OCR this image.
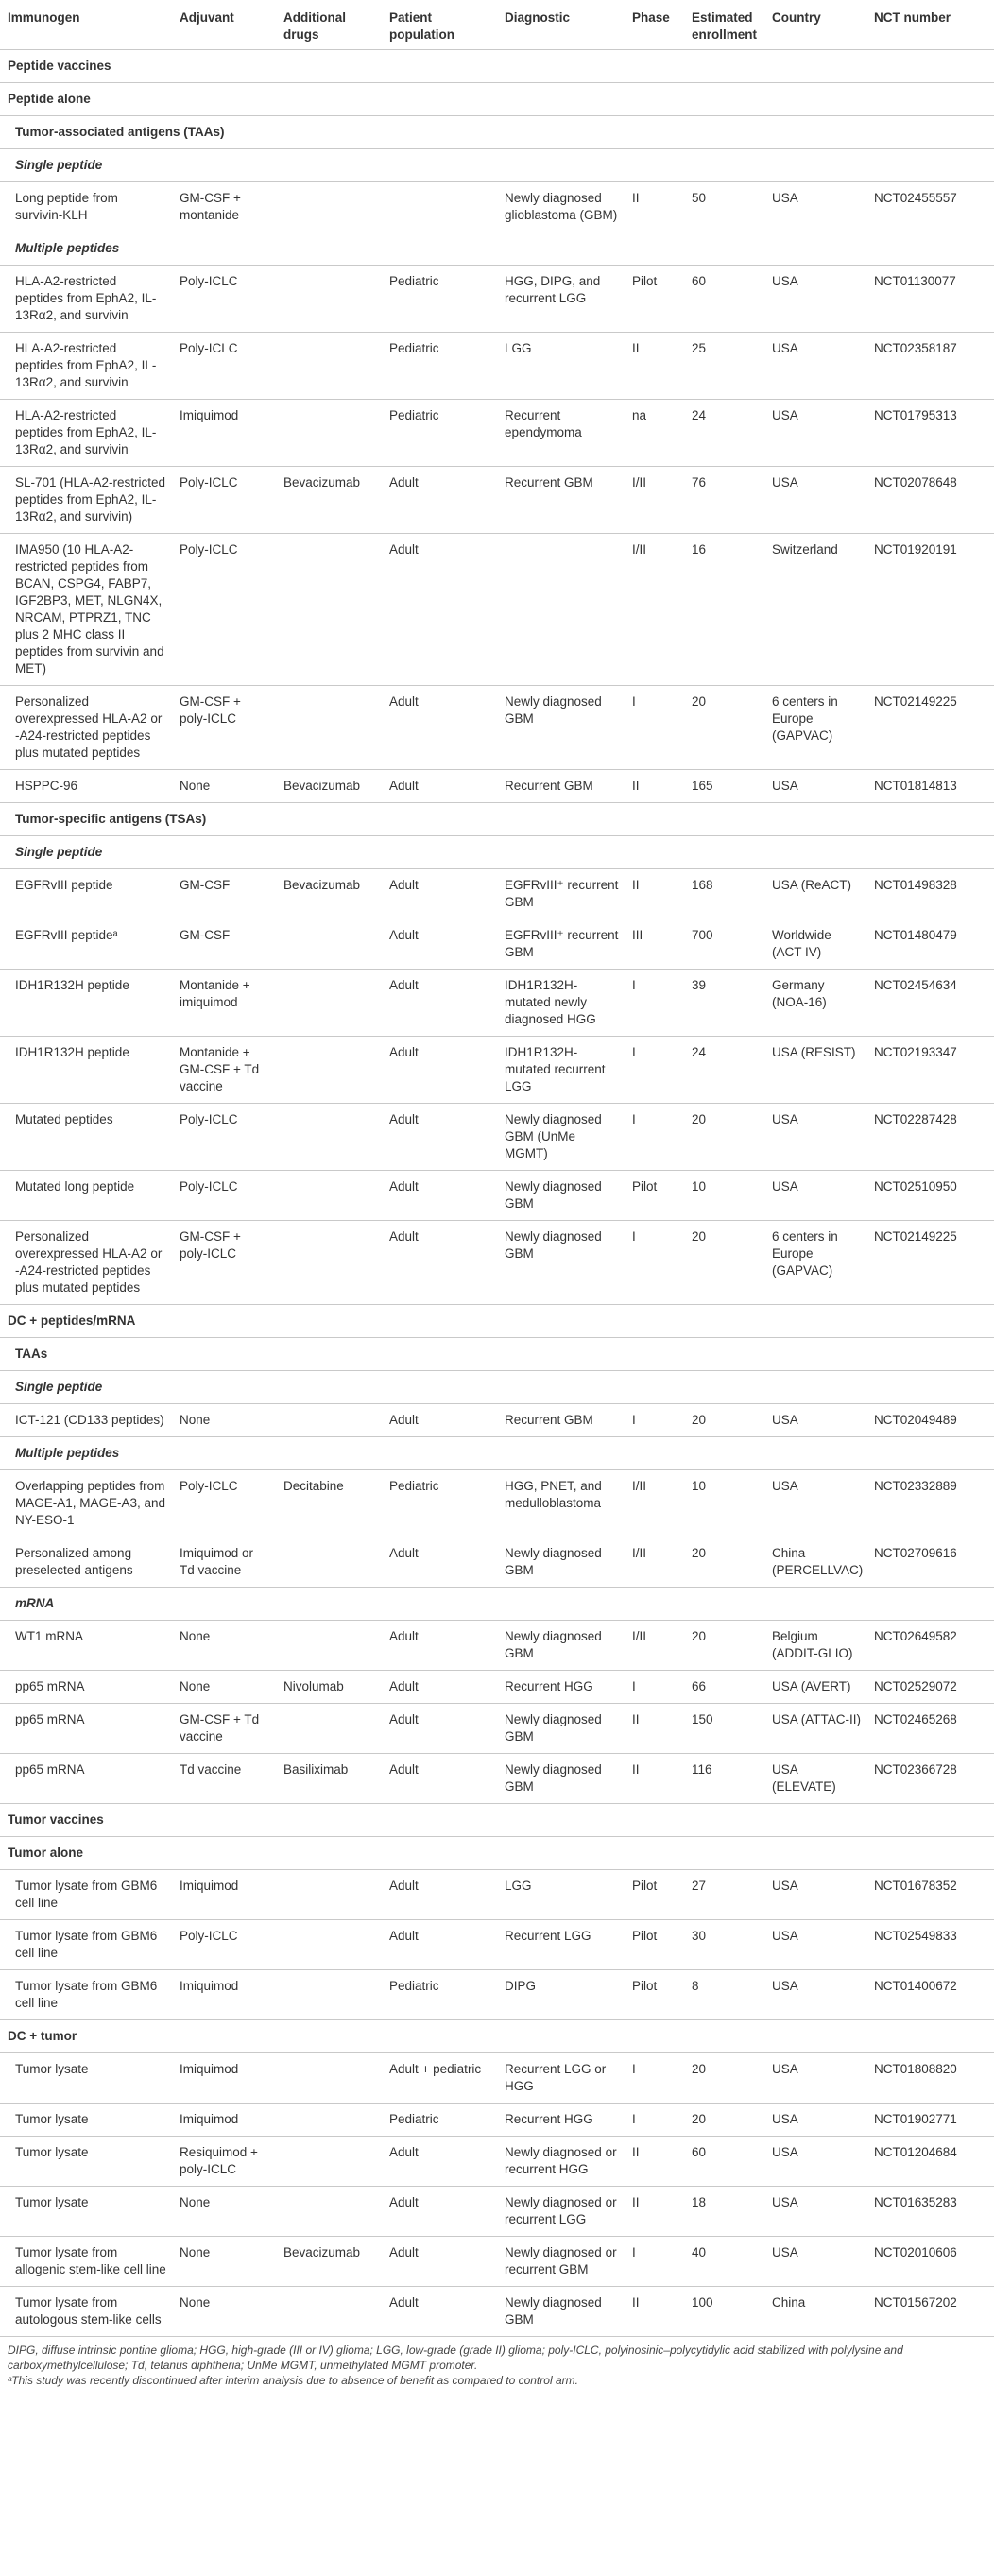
Immunogen	Adjuvant	Additional drugs	Patient population	Diagnostic	Phase	Estimated enrollment	Country	NCT number
Peptide vaccines								
Peptide alone								
Tumor-associated antigens (TAAs)								
Single peptide								
Long peptide from survivin-KLH	GM-CSF + montanide			Newly diagnosed glioblastoma (GBM)	II	50	USA	NCT02455557
Multiple peptides								
HLA-A2-restricted peptides from EphA2, IL-13Rα2, and survivin	Poly-ICLC		Pediatric	HGG, DIPG, and recurrent LGG	Pilot	60	USA	NCT01130077
HLA-A2-restricted peptides from EphA2, IL-13Rα2, and survivin	Poly-ICLC		Pediatric	LGG	II	25	USA	NCT02358187
HLA-A2-restricted peptides from EphA2, IL-13Rα2, and survivin	Imiquimod		Pediatric	Recurrent ependymoma	na	24	USA	NCT01795313
SL-701 (HLA-A2-restricted peptides from EphA2, IL-13Rα2, and survivin)	Poly-ICLC	Bevacizumab	Adult	Recurrent GBM	I/II	76	USA	NCT02078648
IMA950 (10 HLA-A2-restricted peptides from BCAN, CSPG4, FABP7, IGF2BP3, MET, NLGN4X, NRCAM, PTPRZ1, TNC plus 2 MHC class II peptides from survivin and MET)	Poly-ICLC		Adult		I/II	16	Switzerland	NCT01920191
Personalized overexpressed HLA-A2 or -A24-restricted peptides plus mutated peptides	GM-CSF + poly-ICLC		Adult	Newly diagnosed GBM	I	20	6 centers in Europe (GAPVAC)	NCT02149225
HSPPC-96	None	Bevacizumab	Adult	Recurrent GBM	II	165	USA	NCT01814813
Tumor-specific antigens (TSAs)								
Single peptide								
EGFRvIII peptide	GM-CSF	Bevacizumab	Adult	EGFRvIII⁺ recurrent GBM	II	168	USA (ReACT)	NCT01498328
EGFRvIII peptideᵃ	GM-CSF		Adult	EGFRvIII⁺ recurrent GBM	III	700	Worldwide (ACT IV)	NCT01480479
IDH1R132H peptide	Montanide + imiquimod		Adult	IDH1R132H-mutated newly diagnosed HGG	I	39	Germany (NOA-16)	NCT02454634
IDH1R132H peptide	Montanide + GM-CSF + Td vaccine		Adult	IDH1R132H-mutated recurrent LGG	I	24	USA (RESIST)	NCT02193347
Mutated peptides	Poly-ICLC		Adult	Newly diagnosed GBM (UnMe MGMT)	I	20	USA	NCT02287428
Mutated long peptide	Poly-ICLC		Adult	Newly diagnosed GBM	Pilot	10	USA	NCT02510950
Personalized overexpressed HLA-A2 or -A24-restricted peptides plus mutated peptides	GM-CSF + poly-ICLC		Adult	Newly diagnosed GBM	I	20	6 centers in Europe (GAPVAC)	NCT02149225
DC + peptides/mRNA								
TAAs								
Single peptide								
ICT-121 (CD133 peptides)	None		Adult	Recurrent GBM	I	20	USA	NCT02049489
Multiple peptides								
Overlapping peptides from MAGE-A1, MAGE-A3, and NY-ESO-1	Poly-ICLC	Decitabine	Pediatric	HGG, PNET, and medulloblastoma	I/II	10	USA	NCT02332889
Personalized among preselected antigens	Imiquimod or Td vaccine		Adult	Newly diagnosed GBM	I/II	20	China (PERCELLVAC)	NCT02709616
mRNA								
WT1 mRNA	None		Adult	Newly diagnosed GBM	I/II	20	Belgium (ADDIT-GLIO)	NCT02649582
pp65 mRNA	None	Nivolumab	Adult	Recurrent HGG	I	66	USA (AVERT)	NCT02529072
pp65 mRNA	GM-CSF + Td vaccine		Adult	Newly diagnosed GBM	II	150	USA (ATTAC-II)	NCT02465268
pp65 mRNA	Td vaccine	Basiliximab	Adult	Newly diagnosed GBM	II	116	USA (ELEVATE)	NCT02366728
Tumor vaccines								
Tumor alone								
Tumor lysate from GBM6 cell line	Imiquimod		Adult	LGG	Pilot	27	USA	NCT01678352
Tumor lysate from GBM6 cell line	Poly-ICLC		Adult	Recurrent LGG	Pilot	30	USA	NCT02549833
Tumor lysate from GBM6 cell line	Imiquimod		Pediatric	DIPG	Pilot	8	USA	NCT01400672
DC + tumor								
Tumor lysate	Imiquimod		Adult + pediatric	Recurrent LGG or HGG	I	20	USA	NCT01808820
Tumor lysate	Imiquimod		Pediatric	Recurrent HGG	I	20	USA	NCT01902771
Tumor lysate	Resiquimod + poly-ICLC		Adult	Newly diagnosed or recurrent HGG	II	60	USA	NCT01204684
Tumor lysate	None		Adult	Newly diagnosed or recurrent LGG	II	18	USA	NCT01635283
Tumor lysate from allogenic stem-like cell line	None	Bevacizumab	Adult	Newly diagnosed or recurrent GBM	I	40	USA	NCT02010606
Tumor lysate from autologous stem-like cells	None		Adult	Newly diagnosed GBM	II	100	China	NCT01567202

DIPG, diffuse intrinsic pontine glioma; HGG, high-grade (III or IV) glioma; LGG, low-grade (grade II) glioma; poly-ICLC, polyinosinic–polycytidylic acid stabilized with polylysine and carboxymethylcellulose; Td, tetanus diphtheria; UnMe MGMT, unmethylated MGMT promoter.

ᵃThis study was recently discontinued after interim analysis due to absence of benefit as compared to control arm.
